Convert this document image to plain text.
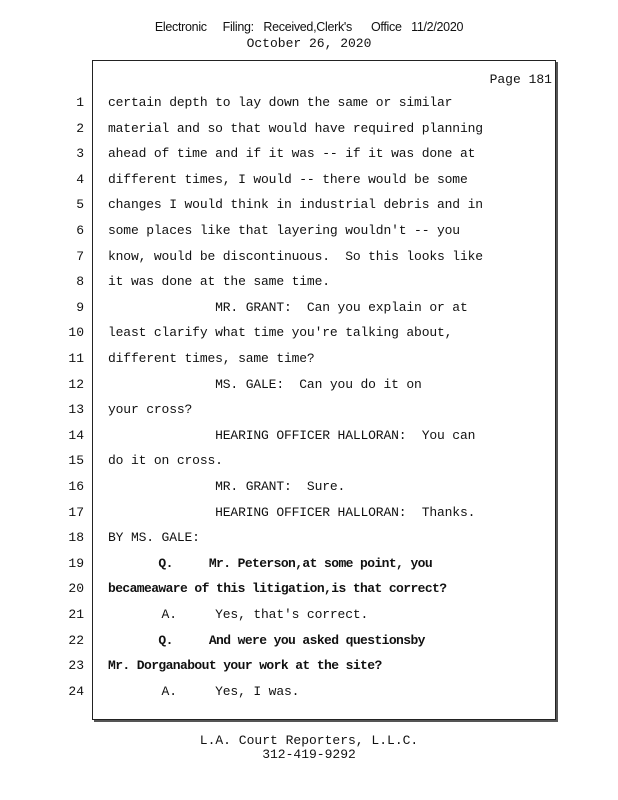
Electronic     Filing:   Received,Clerk's      Office   11/2/2020
October 26, 2020
Page 181
1 certain depth to lay down the same or similar
2 material and so that would have required planning
3 ahead of time and if it was -- if it was done at
4 different times, I would -- there would be some
5 changes I would think in industrial debris and in
6 some places like that layering wouldn't -- you
7 know, would be discontinuous.  So this looks like
8 it was done at the same time.
9 MR. GRANT:  Can you explain or at
10 least clarify what time you're talking about,
11 different times, same time?
12 MS. GALE:  Can you do it on
13 your cross?
14 HEARING OFFICER HALLORAN:  You can
15 do it on cross.
16 MR. GRANT:  Sure.
17 HEARING OFFICER HALLORAN:  Thanks.
18 BY MS. GALE:
19 Q.     Mr. Peterson,at some point, you
20 becameaware of this litigation,is that correct?
21 A.     Yes, that's correct.
22 Q.     And were you asked questionsby
23 Mr. Dorganabout your work at the site?
24 A.     Yes, I was.
L.A. Court Reporters, L.L.C.
312-419-9292
